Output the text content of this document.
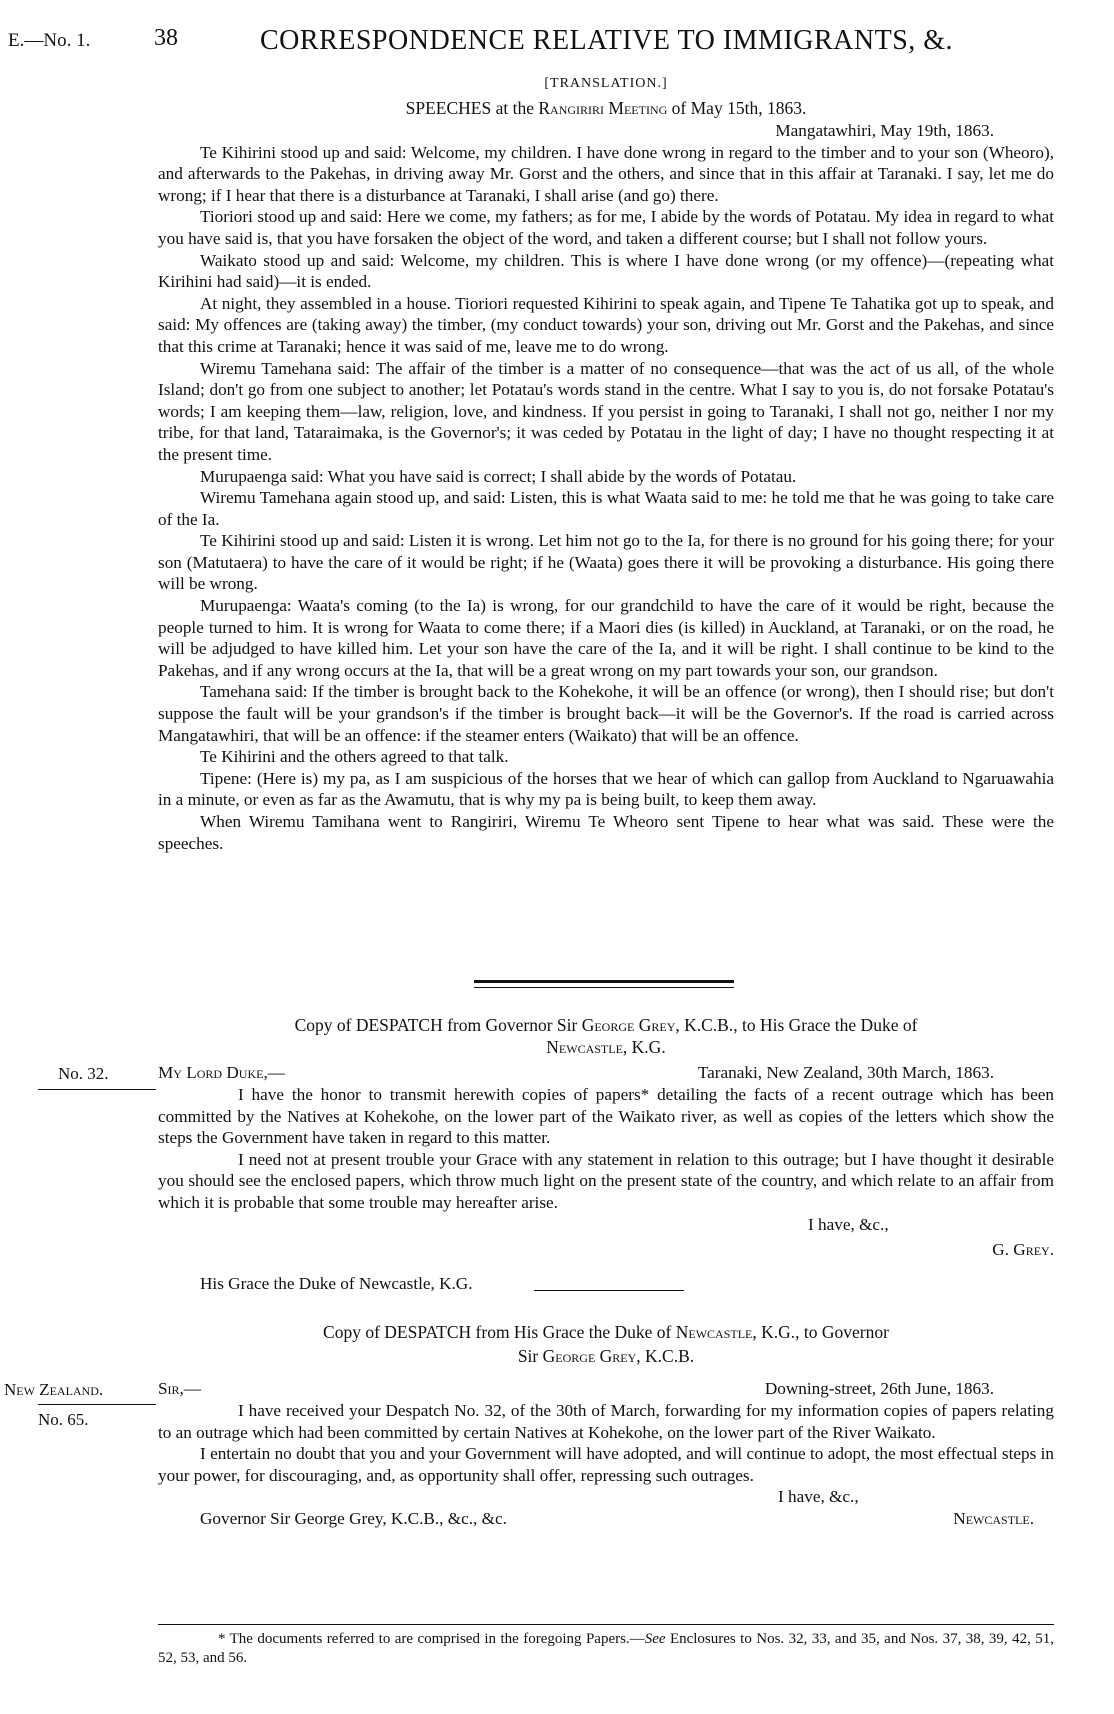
E.—No. 1.	38	CORRESPONDENCE RELATIVE TO IMMIGRANTS, &.
[TRANSLATION.]
SPEECHES at the Rangiriri Meeting of May 15th, 1863.
Mangatawhiri, May 19th, 1863.

Te Kihirini stood up and said: Welcome, my children. I have done wrong in regard to the timber and to your son (Wheoro), and afterwards to the Pakehas, in driving away Mr. Gorst and the others, and since that in this affair at Taranaki. I say, let me do wrong; if I hear that there is a disturbance at Taranaki, I shall arise (and go) there.

Tioriori stood up and said: Here we come, my fathers; as for me, I abide by the words of Potatau. My idea in regard to what you have said is, that you have forsaken the object of the word, and taken a different course; but I shall not follow yours.

Waikato stood up and said: Welcome, my children. This is where I have done wrong (or my offence)—(repeating what Kirihini had said)—it is ended.

At night, they assembled in a house. Tioriori requested Kihirini to speak again, and Tipene Te Tahatika got up to speak, and said: My offences are (taking away) the timber, (my conduct towards) your son, driving out Mr. Gorst and the Pakehas, and since that this crime at Taranaki; hence it was said of me, leave me to do wrong.

Wiremu Tamehana said: The affair of the timber is a matter of no consequence—that was the act of us all, of the whole Island; don't go from one subject to another; let Potatau's words stand in the centre. What I say to you is, do not forsake Potatau's words; I am keeping them—law, religion, love, and kindness. If you persist in going to Taranaki, I shall not go, neither I nor my tribe, for that land, Tataraimaka, is the Governor's; it was ceded by Potatau in the light of day; I have no thought respecting it at the present time.

Murupaenga said: What you have said is correct; I shall abide by the words of Potatau.

Wiremu Tamehana again stood up, and said: Listen, this is what Waata said to me: he told me that he was going to take care of the Ia.

Te Kihirini stood up and said: Listen it is wrong. Let him not go to the Ia, for there is no ground for his going there; for your son (Matutaera) to have the care of it would be right; if he (Waata) goes there it will be provoking a disturbance. His going there will be wrong.

Murupaenga: Waata's coming (to the Ia) is wrong, for our grandchild to have the care of it would be right, because the people turned to him. It is wrong for Waata to come there; if a Maori dies (is killed) in Auckland, at Taranaki, or on the road, he will be adjudged to have killed him. Let your son have the care of the Ia, and it will be right. I shall continue to be kind to the Pakehas, and if any wrong occurs at the Ia, that will be a great wrong on my part towards your son, our grandson.

Tamehana said: If the timber is brought back to the Kohekohe, it will be an offence (or wrong), then I should rise; but don't suppose the fault will be your grandson's if the timber is brought back—it will be the Governor's. If the road is carried across Mangatawhiri, that will be an offence: if the steamer enters (Waikato) that will be an offence.

Te Kihirini and the others agreed to that talk.

Tipene: (Here is) my pa, as I am suspicious of the horses that we hear of which can gallop from Auckland to Ngaruawahia in a minute, or even as far as the Awamutu, that is why my pa is being built, to keep them away.

When Wiremu Tamihana went to Rangiriri, Wiremu Te Wheoro sent Tipene to hear what was said. These were the speeches.

Copy of DESPATCH from Governor Sir George Grey, K.C.B., to His Grace the Duke of
Newcastle, K.G.
No. 32.	My Lord Duke,—	Taranaki, New Zealand, 30th March, 1863.

I have the honor to transmit herewith copies of papers* detailing the facts of a recent outrage which has been committed by the Natives at Kohekohe, on the lower part of the Waikato river, as well as copies of the letters which show the steps the Government have taken in regard to this matter.

I need not at present trouble your Grace with any statement in relation to this outrage; but I have thought it desirable you should see the enclosed papers, which throw much light on the present state of the country, and which relate to an affair from which it is probable that some trouble may hereafter arise.

I have, &c.,
G. Grey.
His Grace the Duke of Newcastle, K.G.
Copy of DESPATCH from His Grace the Duke of Newcastle, K.G., to Governor
Sir George Grey, K.C.B.
New Zealand.
No. 65.
Sir,—	Downing-street, 26th June, 1863.

I have received your Despatch No. 32, of the 30th of March, forwarding for my information copies of papers relating to an outrage which had been committed by certain Natives at Kohekohe, on the lower part of the River Waikato.

I entertain no doubt that you and your Government will have adopted, and will continue to adopt, the most effectual steps in your power, for discouraging, and, as opportunity shall offer, repressing such outrages.

I have, &c.,
Governor Sir George Grey, K.C.B., &c., &c.	Newcastle.
* The documents referred to are comprised in the foregoing Papers.—See Enclosures to Nos. 32, 33, and 35, and Nos. 37, 38, 39, 42, 51, 52, 53, and 56.
